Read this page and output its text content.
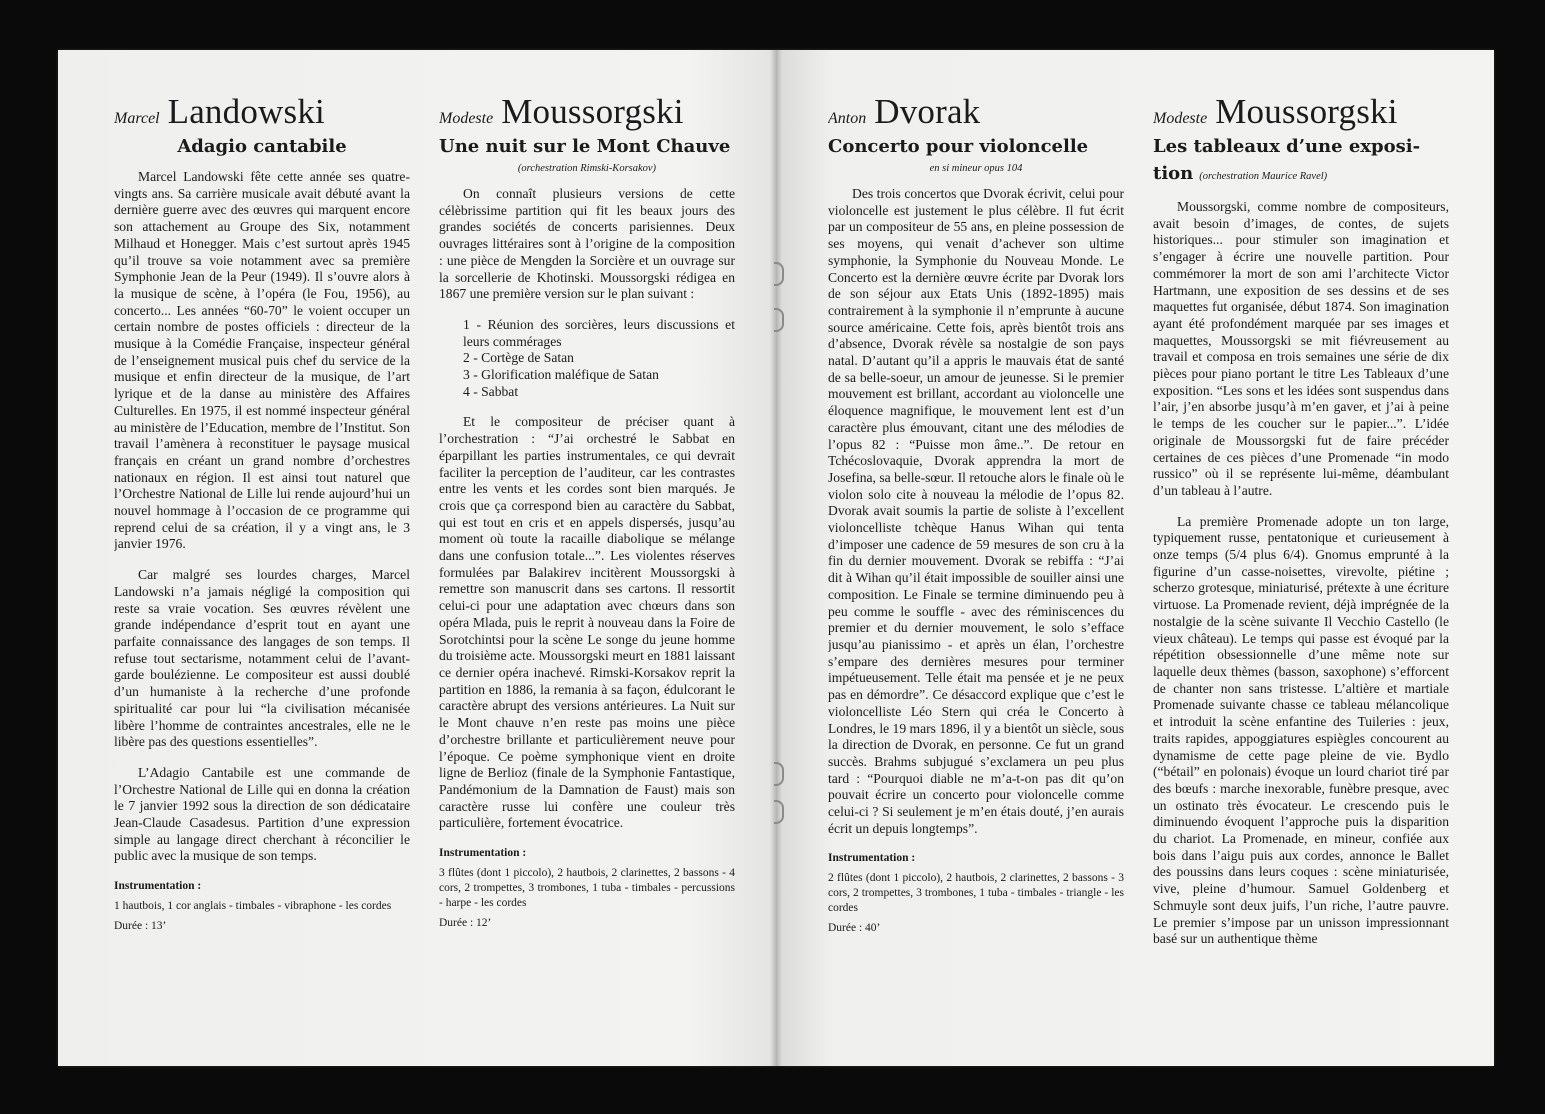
Marcel Landowski
Adagio cantabile

Marcel Landowski fête cette année ses quatre-vingts ans. Sa carrière musicale avait débuté avant la dernière guerre avec des œuvres qui marquent encore son attachement au Groupe des Six, notamment Milhaud et Honegger. Mais c’est surtout après 1945 qu’il trouve sa voie notamment avec sa première Symphonie Jean de la Peur (1949). Il s’ouvre alors à la musique de scène, à l’opéra (le Fou, 1956), au concerto... Les années “60-70” le voient occuper un certain nombre de postes officiels : directeur de la musique à la Comédie Française, inspecteur général de l’enseignement musical puis chef du service de la musique et enfin directeur de la musique, de l’art lyrique et de la danse au ministère des Affaires Culturelles. En 1975, il est nommé inspecteur général au ministère de l’Education, membre de l’Institut. Son travail l’amènera à reconstituer le paysage musical français en créant un grand nombre d’orchestres nationaux en région. Il est ainsi tout naturel que l’Orchestre National de Lille lui rende aujourd’hui un nouvel hommage à l’occasion de ce programme qui reprend celui de sa création, il y a vingt ans, le 3 janvier 1976.

Car malgré ses lourdes charges, Marcel Landowski n’a jamais négligé la composition qui reste sa vraie vocation. Ses œuvres révèlent une grande indépendance d’esprit tout en ayant une parfaite connaissance des langages de son temps. Il refuse tout sectarisme, notamment celui de l’avant-garde boulézienne. Le compositeur est aussi doublé d’un humaniste à la recherche d’une profonde spiritualité car pour lui “la civilisation mécanisée libère l’homme de contraintes ancestrales, elle ne le libère pas des questions essentielles”.

L’Adagio Cantabile est une commande de l’Orchestre National de Lille qui en donna la création le 7 janvier 1992 sous la direction de son dédicataire Jean-Claude Casadesus. Partition d’une expression simple au langage direct cherchant à réconcilier le public avec la musique de son temps.

Instrumentation :
1 hautbois, 1 cor anglais - timbales - vibraphone - les cordes
Durée : 13’
Modeste Moussorgski
Une nuit sur le Mont Chauve
(orchestration Rimski-Korsakov)

On connaît plusieurs versions de cette célèbrissime partition qui fit les beaux jours des grandes sociétés de concerts parisiennes. Deux ouvrages littéraires sont à l’origine de la composition : une pièce de Mengden la Sorcière et un ouvrage sur la sorcellerie de Khotinski. Moussorgski rédigea en 1867 une première version sur le plan suivant :

1 - Réunion des sorcières, leurs discussions et leurs commérages
2 - Cortège de Satan
3 - Glorification maléfique de Satan
4 - Sabbat

Et le compositeur de préciser quant à l’orchestration : “J’ai orchestré le Sabbat en éparpillant les parties instrumentales, ce qui devrait faciliter la perception de l’auditeur, car les contrastes entre les vents et les cordes sont bien marqués. Je crois que ça correspond bien au caractère du Sabbat, qui est tout en cris et en appels dispersés, jusqu’au moment où toute la racaille diabolique se mélange dans une confusion totale...”. Les violentes réserves formulées par Balakirev incitèrent Moussorgski à remettre son manuscrit dans ses cartons. Il ressortit celui-ci pour une adaptation avec chœurs dans son opéra Mlada, puis le reprit à nouveau dans la Foire de Sorotchintsi pour la scène Le songe du jeune homme du troisième acte. Moussorgski meurt en 1881 laissant ce dernier opéra inachevé. Rimski-Korsakov reprit la partition en 1886, la remania à sa façon, édulcorant le caractère abrupt des versions antérieures. La Nuit sur le Mont chauve n’en reste pas moins une pièce d’orchestre brillante et particulièrement neuve pour l’époque. Ce poème symphonique vient en droite ligne de Berlioz (finale de la Symphonie Fantastique, Pandémonium de la Damnation de Faust) mais son caractère russe lui confère une couleur très particulière, fortement évocatrice.

Instrumentation :
3 flûtes (dont 1 piccolo), 2 hautbois, 2 clarinettes, 2 bassons - 4 cors, 2 trompettes, 3 trombones, 1 tuba - timbales - percussions - harpe - les cordes
Durée : 12’
Anton Dvorak
Concerto pour violoncelle
en si mineur opus 104

Des trois concertos que Dvorak écrivit, celui pour violoncelle est justement le plus célèbre. Il fut écrit par un compositeur de 55 ans, en pleine possession de ses moyens, qui venait d’achever son ultime symphonie, la Symphonie du Nouveau Monde. Le Concerto est la dernière œuvre écrite par Dvorak lors de son séjour aux Etats Unis (1892-1895) mais contrairement à la symphonie il n’emprunte à aucune source américaine. Cette fois, après bientôt trois ans d’absence, Dvorak révèle sa nostalgie de son pays natal. D’autant qu’il a appris le mauvais état de santé de sa belle-soeur, un amour de jeunesse. Si le premier mouvement est brillant, accordant au violoncelle une éloquence magnifique, le mouvement lent est d’un caractère plus émouvant, citant une des mélodies de l’opus 82 : “Puisse mon âme..”. De retour en Tchécoslovaquie, Dvorak apprendra la mort de Josefina, sa belle-sœur. Il retouche alors le finale où le violon solo cite à nouveau la mélodie de l’opus 82. Dvorak avait soumis la partie de soliste à l’excellent violoncelliste tchèque Hanus Wihan qui tenta d’imposer une cadence de 59 mesures de son cru à la fin du dernier mouvement. Dvorak se rebiffa : “J’ai dit à Wihan qu’il était impossible de souiller ainsi une composition. Le Finale se termine diminuendo peu à peu comme le souffle - avec des réminiscences du premier et du dernier mouvement, le solo s’efface jusqu’au pianissimo - et après un élan, l’orchestre s’empare des dernières mesures pour terminer impétueusement. Telle était ma pensée et je ne peux pas en démordre”. Ce désaccord explique que c’est le violoncelliste Léo Stern qui créa le Concerto à Londres, le 19 mars 1896, il y a bientôt un siècle, sous la direction de Dvorak, en personne. Ce fut un grand succès. Brahms subjugué s’exclamera un peu plus tard : “Pourquoi diable ne m’a-t-on pas dit qu’on pouvait écrire un concerto pour violoncelle comme celui-ci ? Si seulement je m’en étais douté, j’en aurais écrit un depuis longtemps”.

Instrumentation :
2 flûtes (dont 1 piccolo), 2 hautbois, 2 clarinettes, 2 bassons - 3 cors, 2 trompettes, 3 trombones, 1 tuba - timbales - triangle - les cordes
Durée : 40’
Modeste Moussorgski
Les tableaux d’une exposi-
tion (orchestration Maurice Ravel)

Moussorgski, comme nombre de compositeurs, avait besoin d’images, de contes, de sujets historiques... pour stimuler son imagination et s’engager à écrire une nouvelle partition. Pour commémorer la mort de son ami l’architecte Victor Hartmann, une exposition de ses dessins et de ses maquettes fut organisée, début 1874. Son imagination ayant été profondément marquée par ses images et maquettes, Moussorgski se mit fiévreusement au travail et composa en trois semaines une série de dix pièces pour piano portant le titre Les Tableaux d’une exposition. “Les sons et les idées sont suspendus dans l’air, j’en absorbe jusqu’à m’en gaver, et j’ai à peine le temps de les coucher sur le papier...”. L’idée originale de Moussorgski fut de faire précéder certaines de ces pièces d’une Promenade “in modo russico” où il se représente lui-même, déambulant d’un tableau à l’autre.

La première Promenade adopte un ton large, typiquement russe, pentatonique et curieusement à onze temps (5/4 plus 6/4). Gnomus emprunté à la figurine d’un casse-noisettes, virevolte, piétine ; scherzo grotesque, miniaturisé, prétexte à une écriture virtuose. La Promenade revient, déjà imprégnée de la nostalgie de la scène suivante Il Vecchio Castello (le vieux château). Le temps qui passe est évoqué par la répétition obsessionnelle d’une même note sur laquelle deux thèmes (basson, saxophone) s’efforcent de chanter non sans tristesse. L’altière et martiale Promenade suivante chasse ce tableau mélancolique et introduit la scène enfantine des Tuileries : jeux, traits rapides, appoggiatures espiègles concourent au dynamisme de cette page pleine de vie. Bydlo (“bétail” en polonais) évoque un lourd chariot tiré par des bœufs : marche inexorable, funèbre presque, avec un ostinato très évocateur. Le crescendo puis le diminuendo évoquent l’approche puis la disparition du chariot. La Promenade, en mineur, confiée aux bois dans l’aigu puis aux cordes, annonce le Ballet des poussins dans leurs coques : scène miniaturisée, vive, pleine d’humour. Samuel Goldenberg et Schmuyle sont deux juifs, l’un riche, l’autre pauvre. Le premier s’impose par un unisson impressionnant basé sur un authentique thème
